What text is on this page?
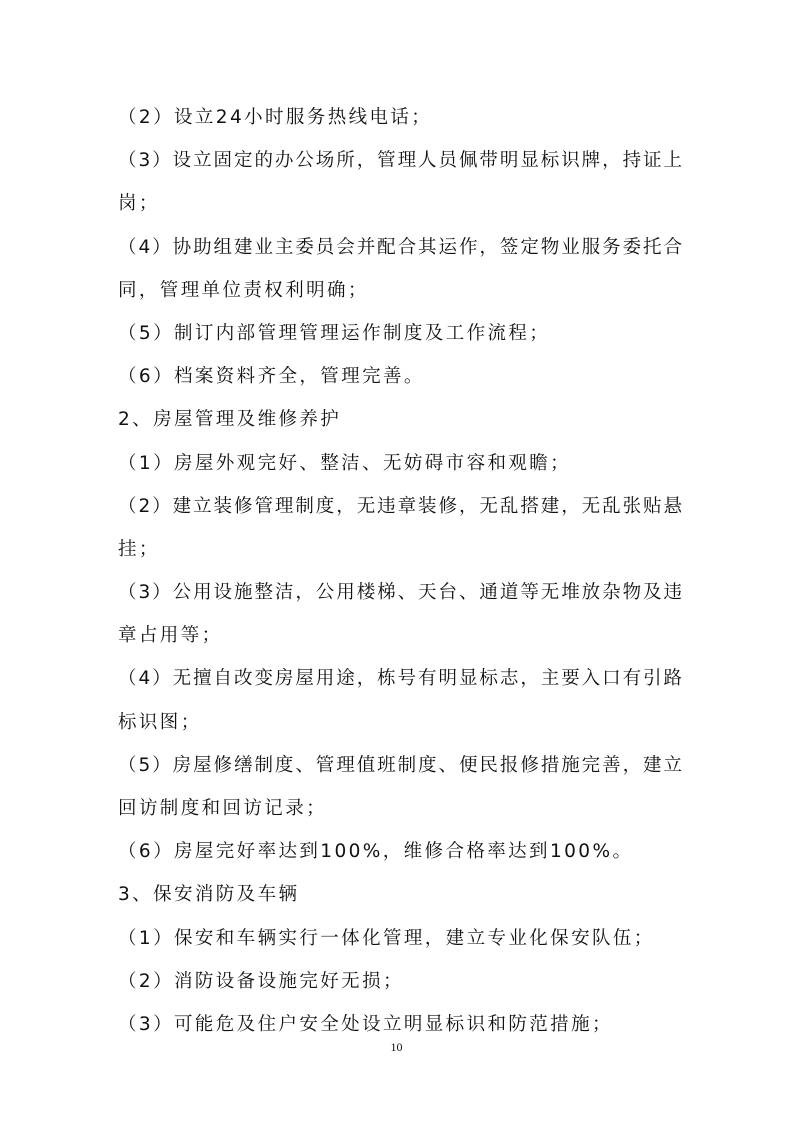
（2）设立24小时服务热线电话；
（3）设立固定的办公场所，管理人员佩带明显标识牌，持证上
岗；
（4）协助组建业主委员会并配合其运作，签定物业服务委托合
同，管理单位责权利明确；
（5）制订内部管理管理运作制度及工作流程；
（6）档案资料齐全，管理完善。
2、房屋管理及维修养护
（1）房屋外观完好、整洁、无妨碍市容和观瞻；
（2）建立装修管理制度，无违章装修，无乱搭建，无乱张贴悬
挂；
（3）公用设施整洁，公用楼梯、天台、通道等无堆放杂物及违
章占用等；
（4）无擅自改变房屋用途，栋号有明显标志，主要入口有引路
标识图；
（5）房屋修缮制度、管理值班制度、便民报修措施完善，建立
回访制度和回访记录；
（6）房屋完好率达到100%，维修合格率达到100%。
3、保安消防及车辆
（1）保安和车辆实行一体化管理，建立专业化保安队伍；
（2）消防设备设施完好无损；
（3）可能危及住户安全处设立明显标识和防范措施；
10
